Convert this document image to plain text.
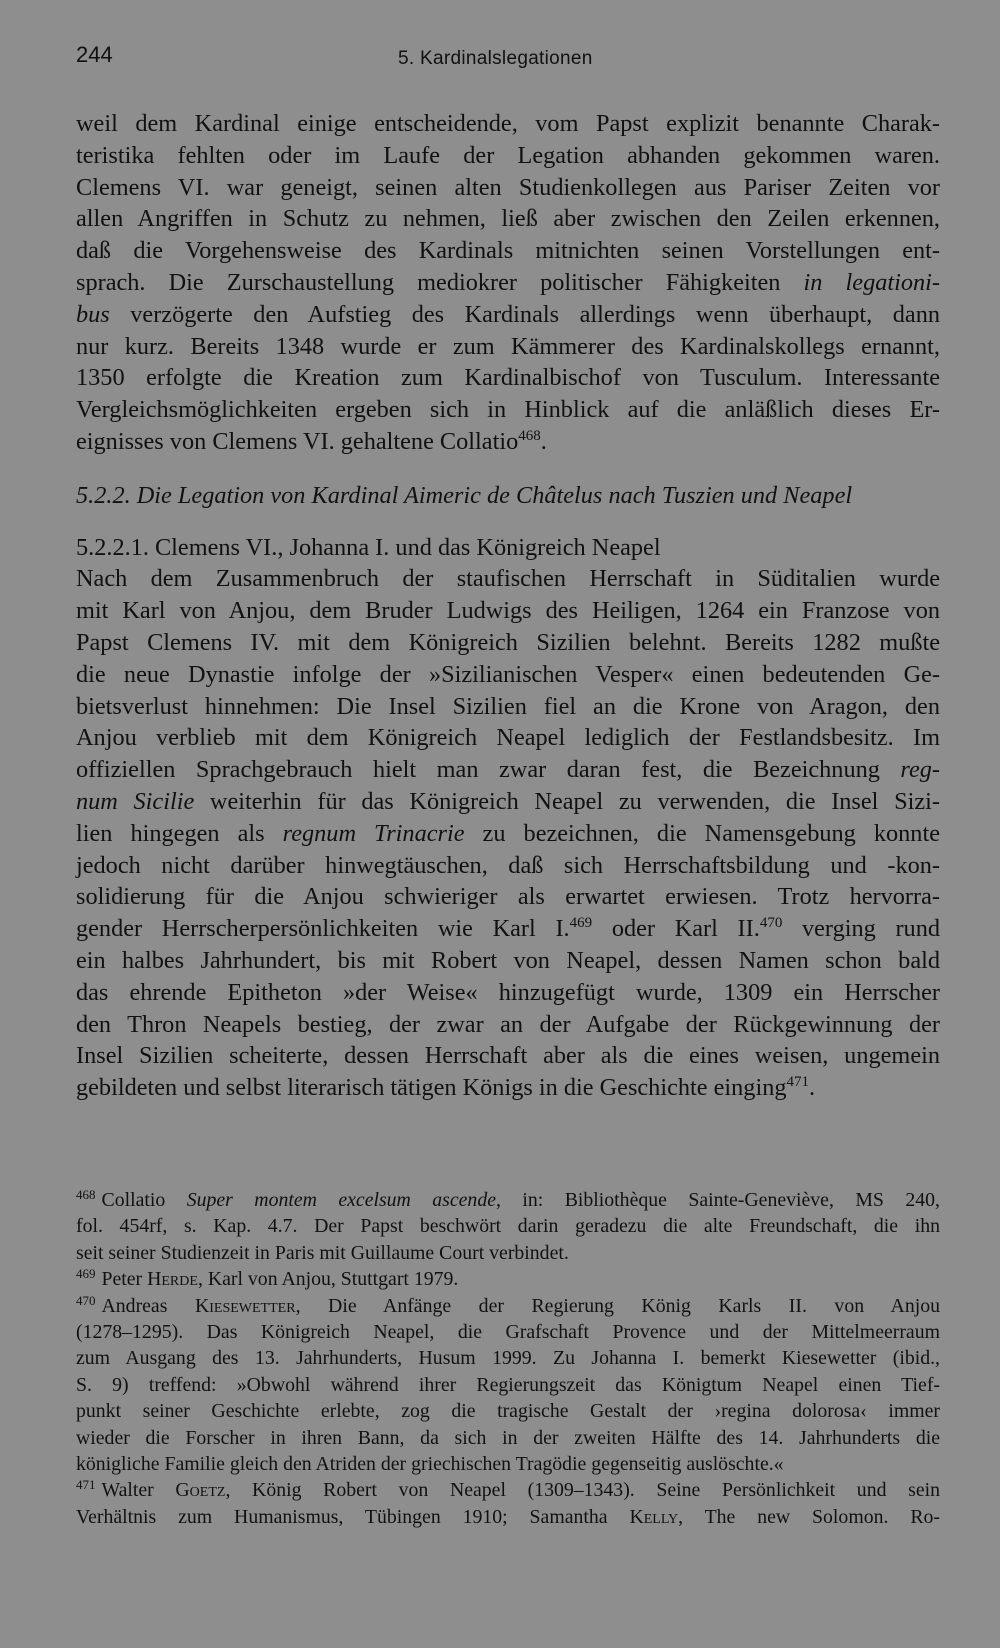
244	5. Kardinalslegationen

weil dem Kardinal einige entscheidende, vom Papst explizit benannte Charak-
teristika fehlten oder im Laufe der Legation abhanden gekommen waren.
Clemens VI. war geneigt, seinen alten Studienkollegen aus Pariser Zeiten vor
allen Angriffen in Schutz zu nehmen, ließ aber zwischen den Zeilen erkennen,
daß die Vorgehensweise des Kardinals mitnichten seinen Vorstellungen ent-
sprach. Die Zurschaustellung mediokrer politischer Fähigkeiten in legationi-
bus verzögerte den Aufstieg des Kardinals allerdings wenn überhaupt, dann
nur kurz. Bereits 1348 wurde er zum Kämmerer des Kardinalskollegs ernannt,
1350 erfolgte die Kreation zum Kardinalbischof von Tusculum. Interessante
Vergleichsmöglichkeiten ergeben sich in Hinblick auf die anläßlich dieses Er-
eignisses von Clemens VI. gehaltene Collatio$^{468}$.

5.2.2. Die Legation von Kardinal Aimeric de Châtelus nach Tuszien und Neapel

5.2.2.1. Clemens VI., Johanna I. und das Königreich Neapel

Nach dem Zusammenbruch der staufischen Herrschaft in Süditalien wurde
mit Karl von Anjou, dem Bruder Ludwigs des Heiligen, 1264 ein Franzose von
Papst Clemens IV. mit dem Königreich Sizilien belehnt. Bereits 1282 mußte
die neue Dynastie infolge der »Sizilianischen Vesper« einen bedeutenden Ge-
bietsverlust hinnehmen: Die Insel Sizilien fiel an die Krone von Aragon, den
Anjou verblieb mit dem Königreich Neapel lediglich der Festlandsbesitz. Im
offiziellen Sprachgebrauch hielt man zwar daran fest, die Bezeichnung reg-
num Sicilie weiterhin für das Königreich Neapel zu verwenden, die Insel Sizi-
lien hingegen als regnum Trinacrie zu bezeichnen, die Namensgebung konnte
jedoch nicht darüber hinwegtäuschen, daß sich Herrschaftsbildung und -kon-
solidierung für die Anjou schwieriger als erwartet erwiesen. Trotz hervorra-
gender Herrscherpersönlichkeiten wie Karl I.$^{469}$ oder Karl II.$^{470}$ verging rund
ein halbes Jahrhundert, bis mit Robert von Neapel, dessen Namen schon bald
das ehrende Epitheton »der Weise« hinzugefügt wurde, 1309 ein Herrscher
den Thron Neapels bestieg, der zwar an der Aufgabe der Rückgewinnung der
Insel Sizilien scheiterte, dessen Herrschaft aber als die eines weisen, ungemein
gebildeten und selbst literarisch tätigen Königs in die Geschichte einging$^{471}$.

$^{468}$ Collatio Super montem excelsum ascende, in: Bibliothèque Sainte-Geneviève, MS 240,
fol. 454rf, s. Kap. 4.7. Der Papst beschwört darin geradezu die alte Freundschaft, die ihn
seit seiner Studienzeit in Paris mit Guillaume Court verbindet.
$^{469}$ Peter Herde, Karl von Anjou, Stuttgart 1979.
$^{470}$ Andreas Kiesewetter, Die Anfänge der Regierung König Karls II. von Anjou
(1278–1295). Das Königreich Neapel, die Grafschaft Provence und der Mittelmeerraum
zum Ausgang des 13. Jahrhunderts, Husum 1999. Zu Johanna I. bemerkt Kiesewetter (ibid.,
S. 9) treffend: »Obwohl während ihrer Regierungszeit das Königtum Neapel einen Tief-
punkt seiner Geschichte erlebte, zog die tragische Gestalt der ›regina dolorosa‹ immer
wieder die Forscher in ihren Bann, da sich in der zweiten Hälfte des 14. Jahrhunderts die
königliche Familie gleich den Atriden der griechischen Tragödie gegenseitig auslöschte.«
$^{471}$ Walter Goetz, König Robert von Neapel (1309–1343). Seine Persönlichkeit und sein
Verhältnis zum Humanismus, Tübingen 1910; Samantha Kelly, The new Solomon. Ro-
